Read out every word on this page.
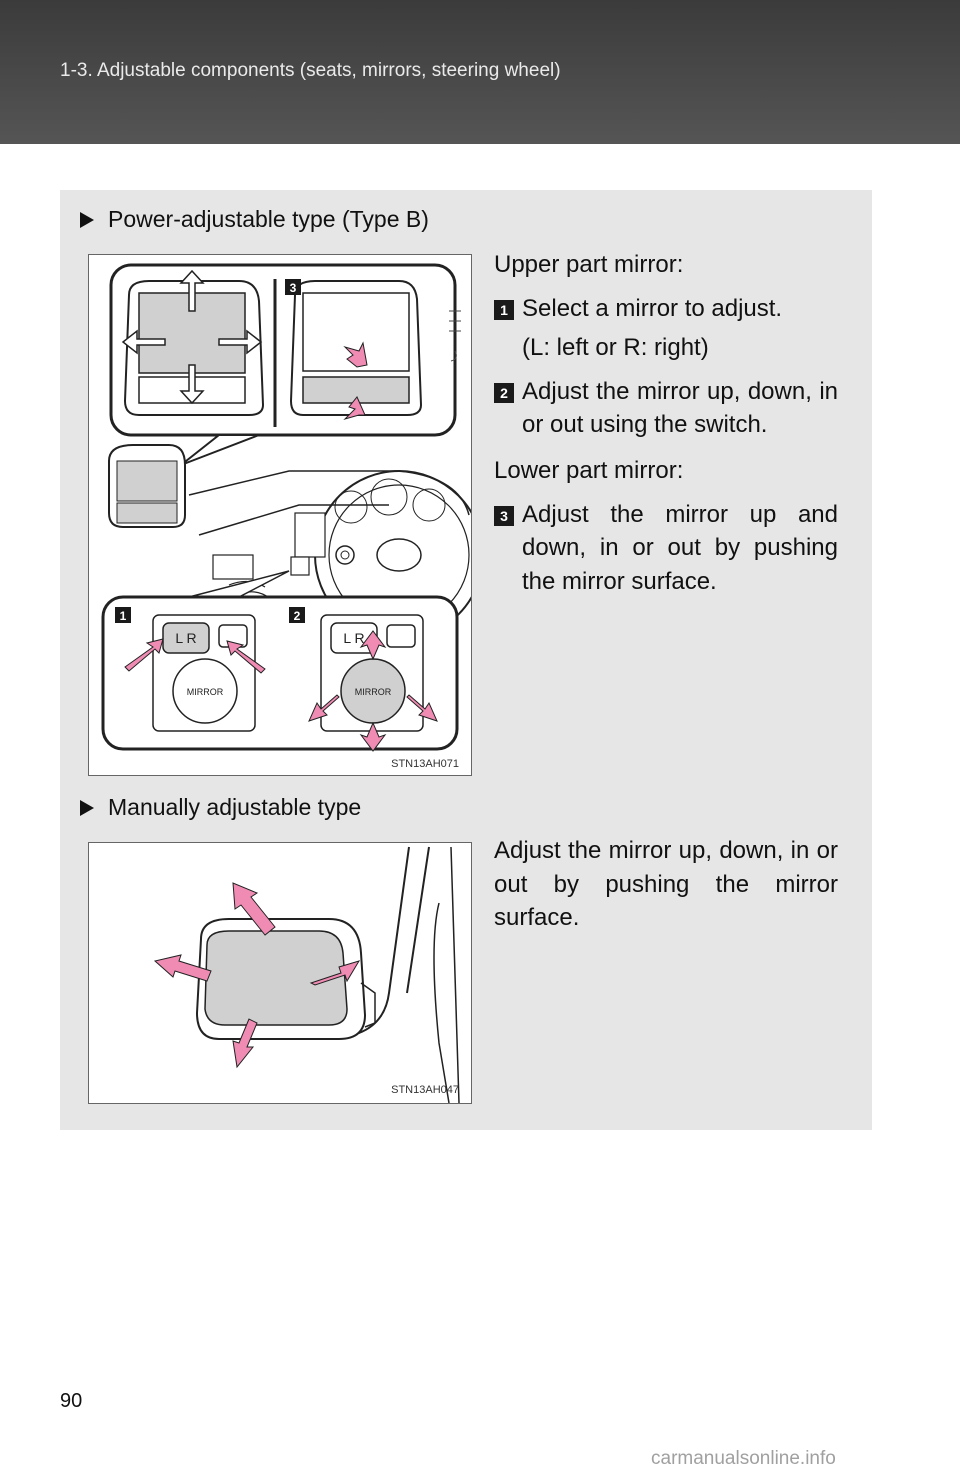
1-3. Adjustable components (seats, mirrors, steering wheel)
Power-adjustable type (Type B)
3
1
L R
MIRROR
2
L R
MIRROR
STN13AH071
Upper part mirror:
1 Select a mirror to adjust.
(L: left or R: right)
2 Adjust the mirror up, down, in or out using the switch.
Lower part mirror:
3 Adjust the mirror up and down, in or out by pushing the mirror surface.
Manually adjustable type
STN13AH047
Adjust the mirror up, down, in or out by pushing the mirror surface.
90
carmanualsonline.info
